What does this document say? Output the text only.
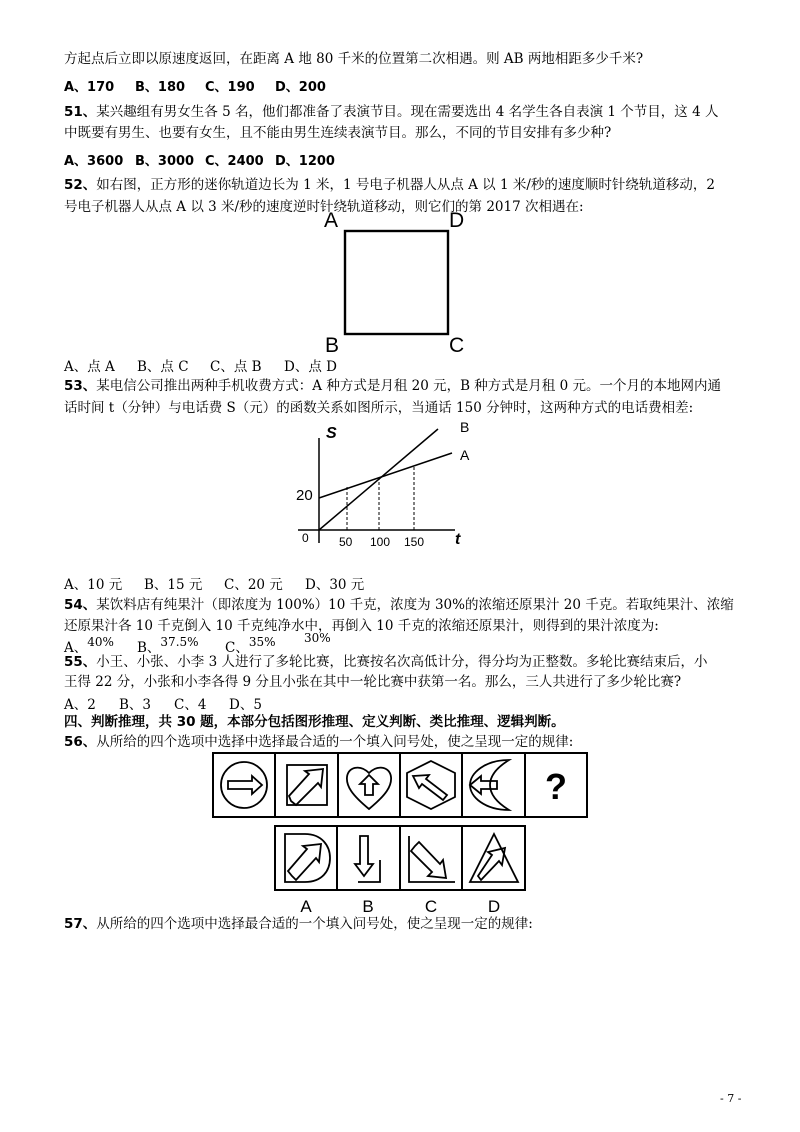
方起点后立即以原速度返回，在距离 A 地 80 千米的位置第二次相遇。则 AB 两地相距多少千米?
A、170 B、180 C、190 D、200
51、某兴趣组有男女生各 5 名，他们都准备了表演节目。现在需要选出 4 名学生各自表演 1 个节目，这 4 人
中既要有男生、也要有女生，且不能由男生连续表演节目。那么，不同的节目安排有多少种?
A、3600 B、3000 C、2400 D、1200
52、如右图，正方形的迷你轨道边长为 1 米，1 号电子机器人从点 A 以 1 米/秒的速度顺时针绕轨道移动，2
号电子机器人从点 A 以 3 米/秒的速度逆时针绕轨道移动，则它们的第 2017 次相遇在:
A	D
B	C
A、点 A B、点 C C、点 B D、点 D
53、某电信公司推出两种手机收费方式：A 种方式是月租 20 元，B 种方式是月租 0 元。一个月的本地网内通
话时间 t（分钟）与电话费 S（元）的函数关系如图所示，当通话 150 分钟时，这两种方式的电话费相差:
S
t
20
0	50 100 150
B
A
A、10 元 B、15 元 C、20 元 D、30 元
54、某饮料店有纯果汁（即浓度为 100%）10 千克，浓度为 30%的浓缩还原果汁 20 千克。若取纯果汁、浓缩
还原果汁各 10 千克倒入 10 千克纯净水中，再倒入 10 千克的浓缩还原果汁，则得到的果汁浓度为:
A、40% B、37.5% C、35% 30%
55、小王、小张、小李 3 人进行了多轮比赛，比赛按名次高低计分，得分均为正整数。多轮比赛结束后，小
王得 22 分，小张和小李各得 9 分且小张在其中一轮比赛中获第一名。那么，三人共进行了多少轮比赛?
A、2 B、3 C、4 D、5
四、判断推理，共 30 题，本部分包括图形推理、定义判断、类比推理、逻辑判断。
56、从所给的四个选项中选择中选择最合适的一个填入问号处，使之呈现一定的规律:
?
A	B	C	D
57、从所给的四个选项中选择最合适的一个填入问号处，使之呈现一定的规律:
- 7 -
